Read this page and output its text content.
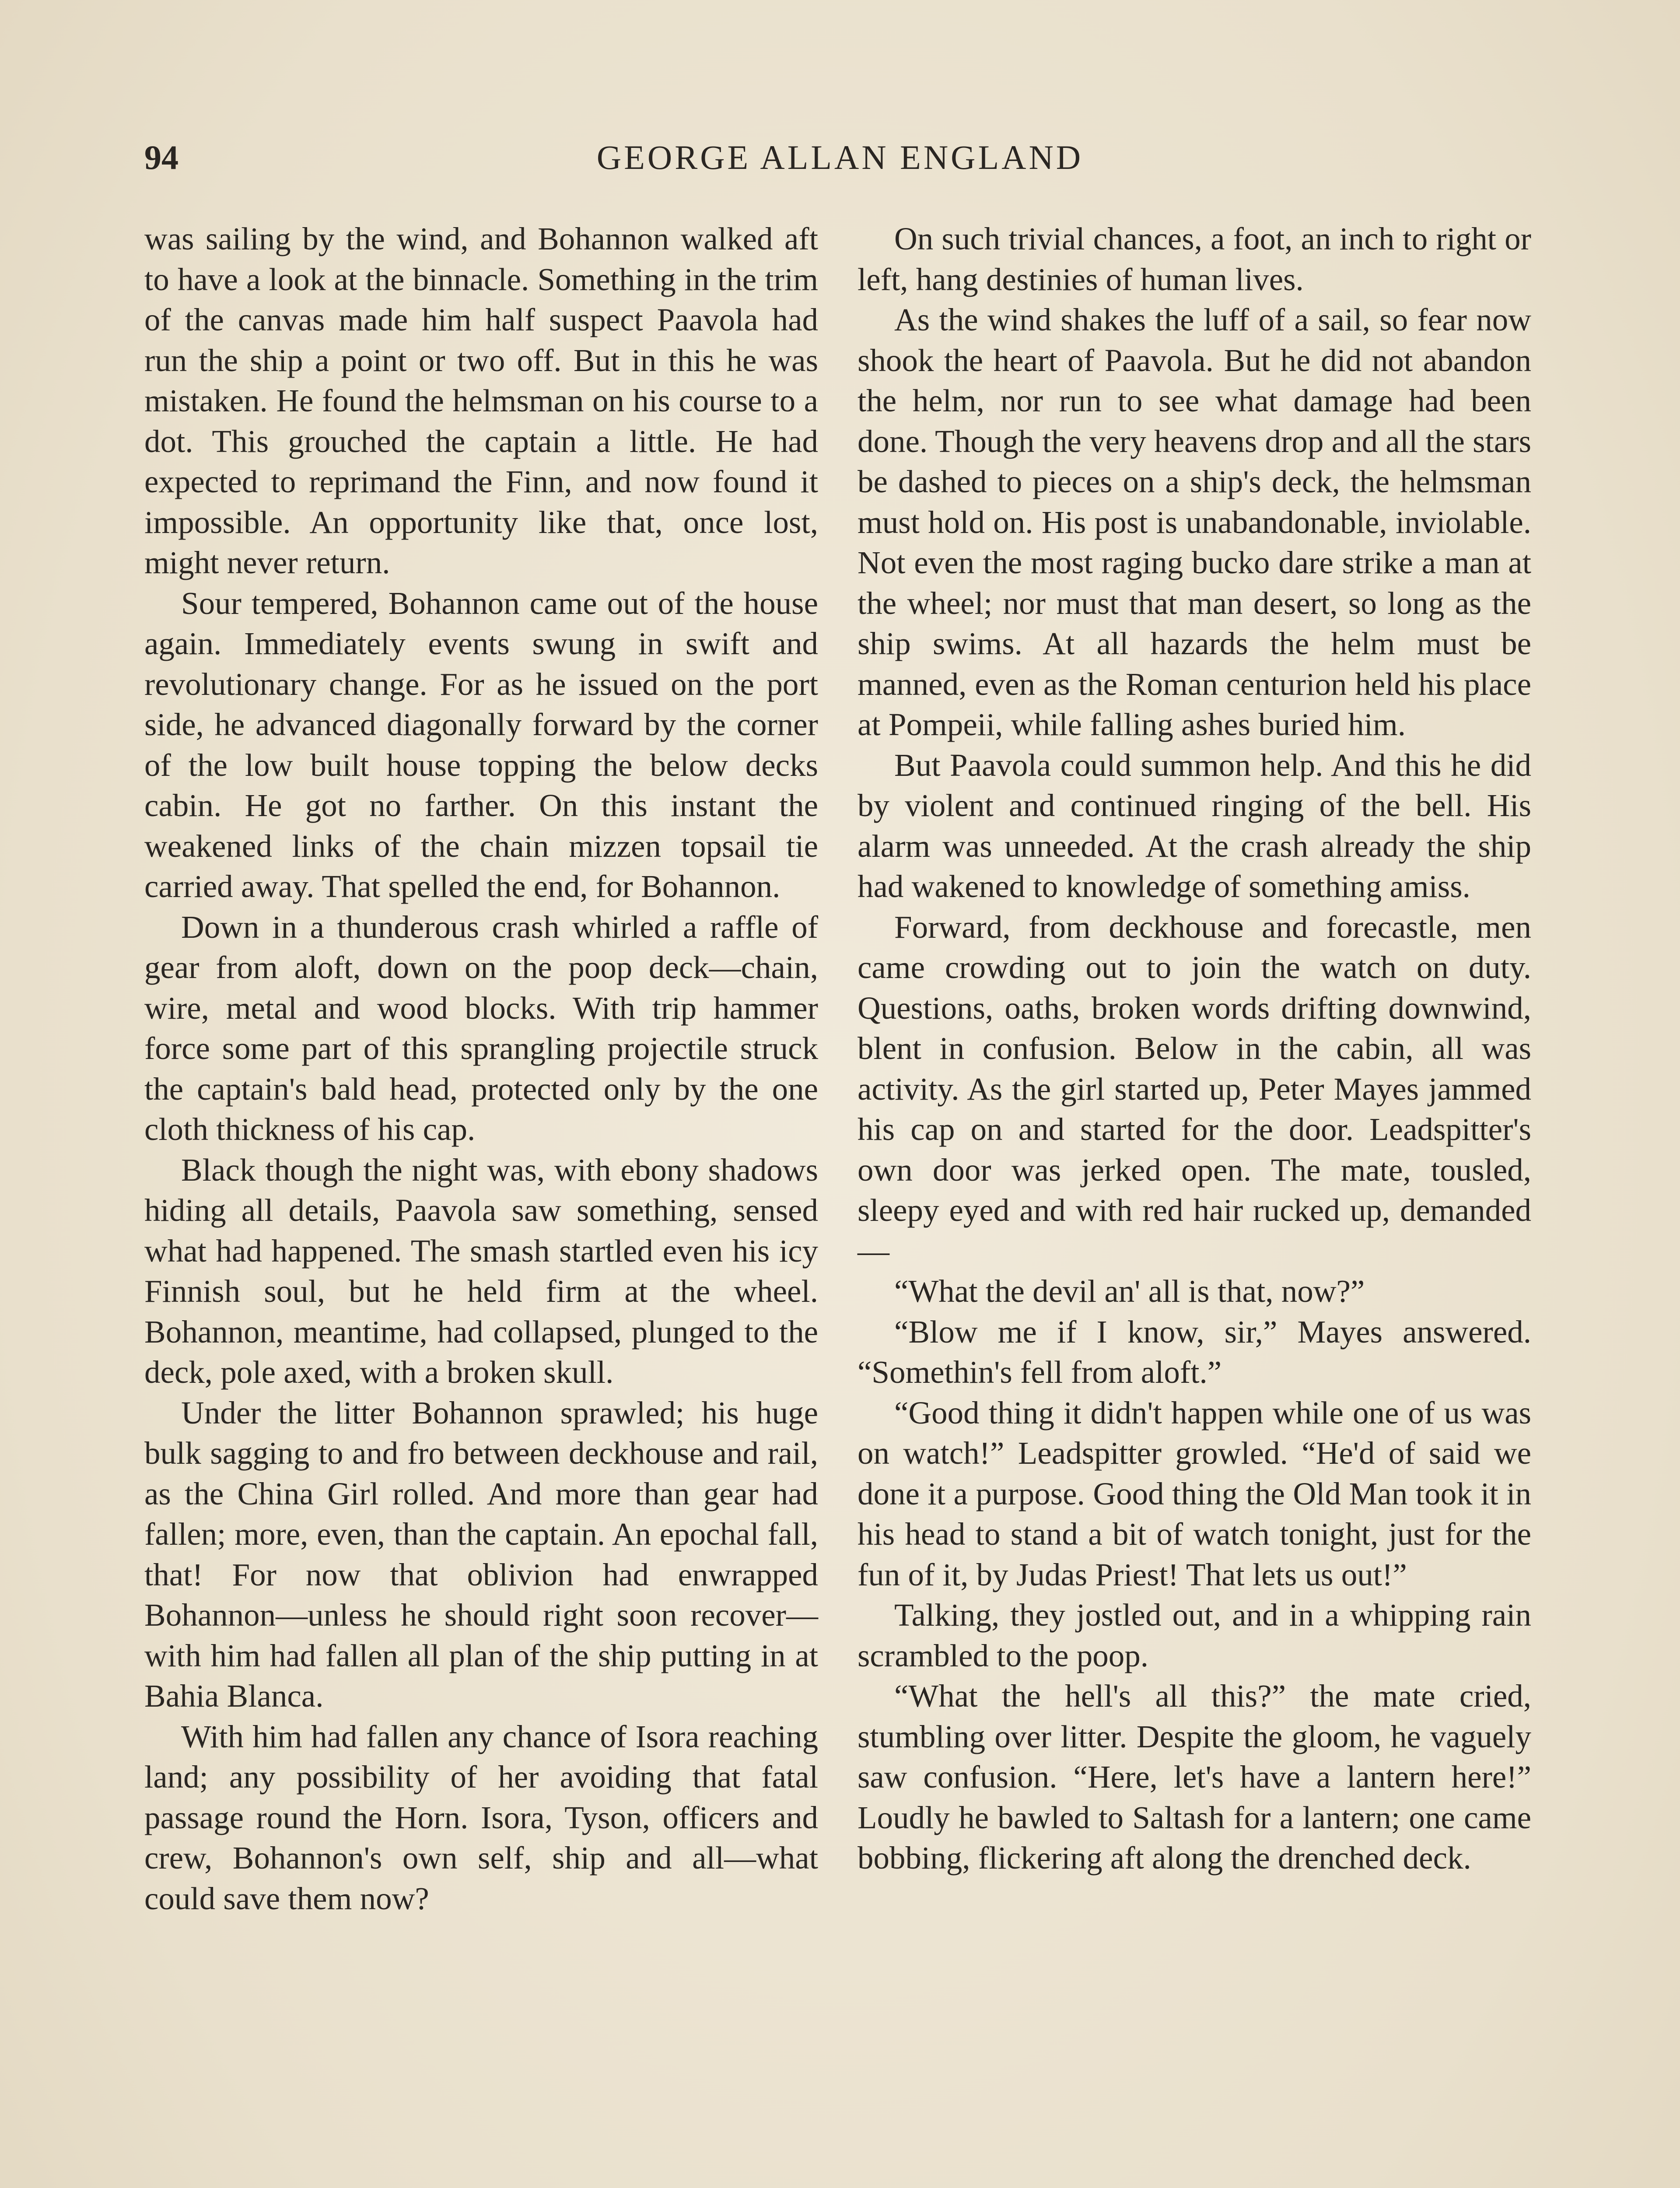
94	GEORGE ALLAN ENGLAND

was sailing by the wind, and Bohannon walked aft to have a look at the binnacle. Something in the trim of the canvas made him half suspect Paavola had run the ship a point or two off. But in this he was mistaken. He found the helmsman on his course to a dot. This grouched the captain a little. He had expected to reprimand the Finn, and now found it impossible. An opportunity like that, once lost, might never return.

Sour tempered, Bohannon came out of the house again. Immediately events swung in swift and revolutionary change. For as he issued on the port side, he advanced diagonally forward by the corner of the low built house topping the below decks cabin. He got no farther. On this instant the weakened links of the chain mizzen topsail tie carried away. That spelled the end, for Bohannon.

Down in a thunderous crash whirled a raffle of gear from aloft, down on the poop deck—chain, wire, metal and wood blocks. With trip hammer force some part of this sprangling projectile struck the captain's bald head, protected only by the one cloth thickness of his cap.

Black though the night was, with ebony shadows hiding all details, Paavola saw something, sensed what had happened. The smash startled even his icy Finnish soul, but he held firm at the wheel. Bohannon, meantime, had collapsed, plunged to the deck, pole axed, with a broken skull.

Under the litter Bohannon sprawled; his huge bulk sagging to and fro between deckhouse and rail, as the China Girl rolled. And more than gear had fallen; more, even, than the captain. An epochal fall, that! For now that oblivion had enwrapped Bohannon—unless he should right soon recover—with him had fallen all plan of the ship putting in at Bahia Blanca.

With him had fallen any chance of Isora reaching land; any possibility of her avoiding that fatal passage round the Horn. Isora, Tyson, officers and crew, Bohannon's own self, ship and all—what could save them now?

On such trivial chances, a foot, an inch to right or left, hang destinies of human lives.

As the wind shakes the luff of a sail, so fear now shook the heart of Paavola. But he did not abandon the helm, nor run to see what damage had been done. Though the very heavens drop and all the stars be dashed to pieces on a ship's deck, the helmsman must hold on. His post is unabandonable, inviolable. Not even the most raging bucko dare strike a man at the wheel; nor must that man desert, so long as the ship swims. At all hazards the helm must be manned, even as the Roman centurion held his place at Pompeii, while falling ashes buried him.

But Paavola could summon help. And this he did by violent and continued ringing of the bell. His alarm was unneeded. At the crash already the ship had wakened to knowledge of something amiss.

Forward, from deckhouse and forecastle, men came crowding out to join the watch on duty. Questions, oaths, broken words drifting downwind, blent in confusion. Below in the cabin, all was activity. As the girl started up, Peter Mayes jammed his cap on and started for the door. Leadspitter's own door was jerked open. The mate, tousled, sleepy eyed and with red hair rucked up, demanded—

“What the devil an' all is that, now?”

“Blow me if I know, sir,” Mayes answered. “Somethin's fell from aloft.”

“Good thing it didn't happen while one of us was on watch!” Leadspitter growled. “He'd of said we done it a purpose. Good thing the Old Man took it in his head to stand a bit of watch tonight, just for the fun of it, by Judas Priest! That lets us out!”

Talking, they jostled out, and in a whipping rain scrambled to the poop.

“What the hell's all this?” the mate cried, stumbling over litter. Despite the gloom, he vaguely saw confusion. “Here, let's have a lantern here!” Loudly he bawled to Saltash for a lantern; one came bobbing, flickering aft along the drenched deck.
